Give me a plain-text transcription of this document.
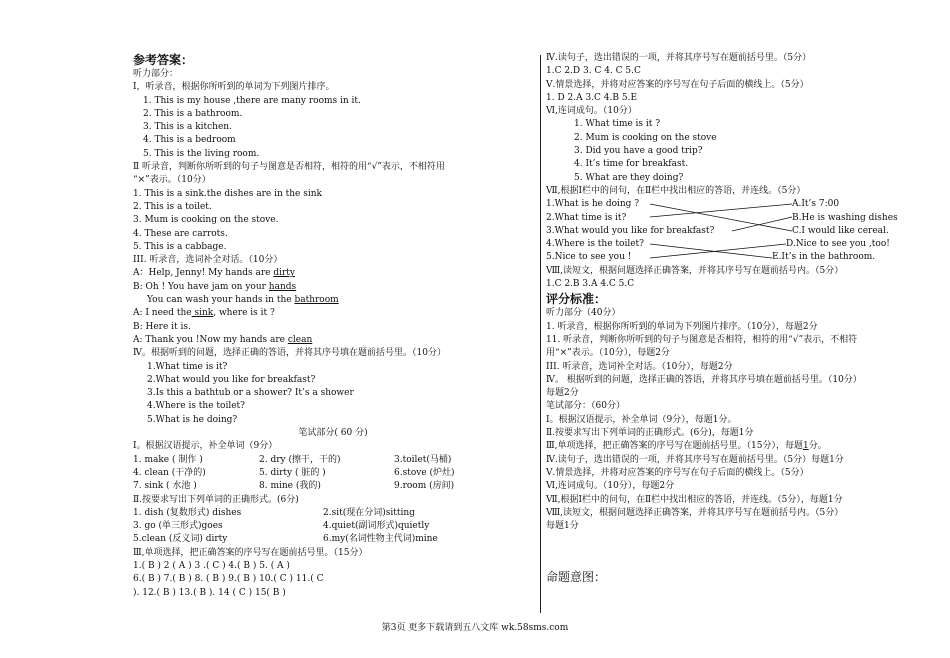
参考答案：
听力部分：
Ⅰ，听录音，根据你所听到的单词为下列图片排序。
1. This is my house ,there are many rooms in it.
2. This is a bathroom.
3. This is a kitchen.
4. This is a bedroom
5. This is the living room.
Ⅱ 听录音，判断你所听到的句子与图意是否相符，相符的用“√”表示，不相符用
“×”表示。（10分）
1. This is a sink.the dishes are in the sink
2. This is a toilet.
3. Mum is cooking on the stove.
4. These are carrots.
5. This is a cabbage.
III. 听录音，选词补全对话。（10分）
A：Help, Jenny! My hands are dirty
B: Oh ! You have jam on your hands
You can wash your hands in the bathroom
A: I need the sink, where is it ?
B: Here it is.
A: Thank you !Now my hands are clean
Ⅳ。根据听到的问题，选择正确的答语，并将其序号填在题前括号里。（10分）
1.What time is it?
2.What would you like for breakfast?
3.Is this a bathtub or a shower? It’s a shower
4.Where is the toilet?
5.What is he doing?
笔试部分( 60 分)
Ⅰ。根据汉语提示，补全单词（9分）
1. make ( 制作 )	2. dry (擦干，干的)	3.toilet(马桶)
4. clean (干净的)	5. dirty ( 脏的 )	6.stove (炉灶)
7. sink ( 水池 )	8. mine (我的)	9.room (房间)
Ⅱ.按要求写出下列单词的正确形式。(6分)
1. dish (复数形式) dishes	2.sit(现在分词)sitting
3. go (单三形式)goes	4.quiet(副词形式)quietly
5.clean (反义词) dirty	6.my(名词性物主代词)mine
Ⅲ,单项选择，把正确答案的序号写在题前括号里。（15分）
1.( B ) 2 ( A ) 3 .( C ) 4.( B ) 5. ( A )
6.( B ) 7.( B ) 8. ( B ) 9.( B ) 10.( C ) 11.( C
). 12.( B ) 13.( B ). 14 ( C ) 15( B )
Ⅳ.读句子，选出错误的一项，并将其序号写在题前括号里。（5分）
1.C 2.D 3. C 4. C 5.C
Ⅴ.情景选择，并将对应答案的序号写在句子后面的横线上。（5分）
1. D 2.A 3.C 4.B 5.E
Ⅵ,连词成句。（10分）
1. What time is it ?
2. Mum is cooking on the stove
3. Did you have a good trip?
4. It’s time for breakfast.
5. What are they doing?
Ⅶ,根据Ⅰ栏中的问句，在Ⅱ栏中找出相应的答语，并连线。（5分）
1.What is he doing ?	A.It’s 7:00
2.What time is it?	B.He is washing dishes
3.What would you like for breakfast?	C.I would like cereal.
4.Where is the toilet?	D.Nice to see you ,too!
5.Nice to see you !	E.It’s in the bathroom.
Ⅷ,读短文，根据问题选择正确答案，并将其序号写在题前括号内。（5分）
1.C 2.B 3.A 4.C 5.C
评分标准：
听力部分（40分）
1. 听录音，根据你所听到的单词为下列图片排序。（10分），每题2分
11. 听录音，判断你所听到的句子与图意是否相符，相符的用“√”表示，不相符
用“×”表示。（10分），每题2分
III. 听录音，选词补全对话。（10分），每题2分
Ⅳ。 根据听到的问题，选择正确的答语，并将其序号填在题前括号里。（10分）
每题2分
笔试部分：（60分）
Ⅰ。根据汉语提示，补全单词（9分），每题1分。
Ⅱ.按要求写出下列单词的正确形式。(6分)，每题1分
Ⅲ,单项选择，把正确答案的序号写在题前括号里。（15分），每题1分。
Ⅳ.读句子，选出错误的一项，并将其序号写在题前括号里。（5分）每题1分
Ⅴ.情景选择，并将对应答案的序号写在句子后面的横线上。（5分）
Ⅵ,连词成句。（10分），每题2分
Ⅶ,根据Ⅰ栏中的问句，在Ⅱ栏中找出相应的答语，并连线。（5分），每题1分
Ⅷ,读短文，根据问题选择正确答案，并将其序号写在题前括号内。（5分）
每题1分
命题意图：
第3页 更多下载请到五八文库 wk.58sms.com
